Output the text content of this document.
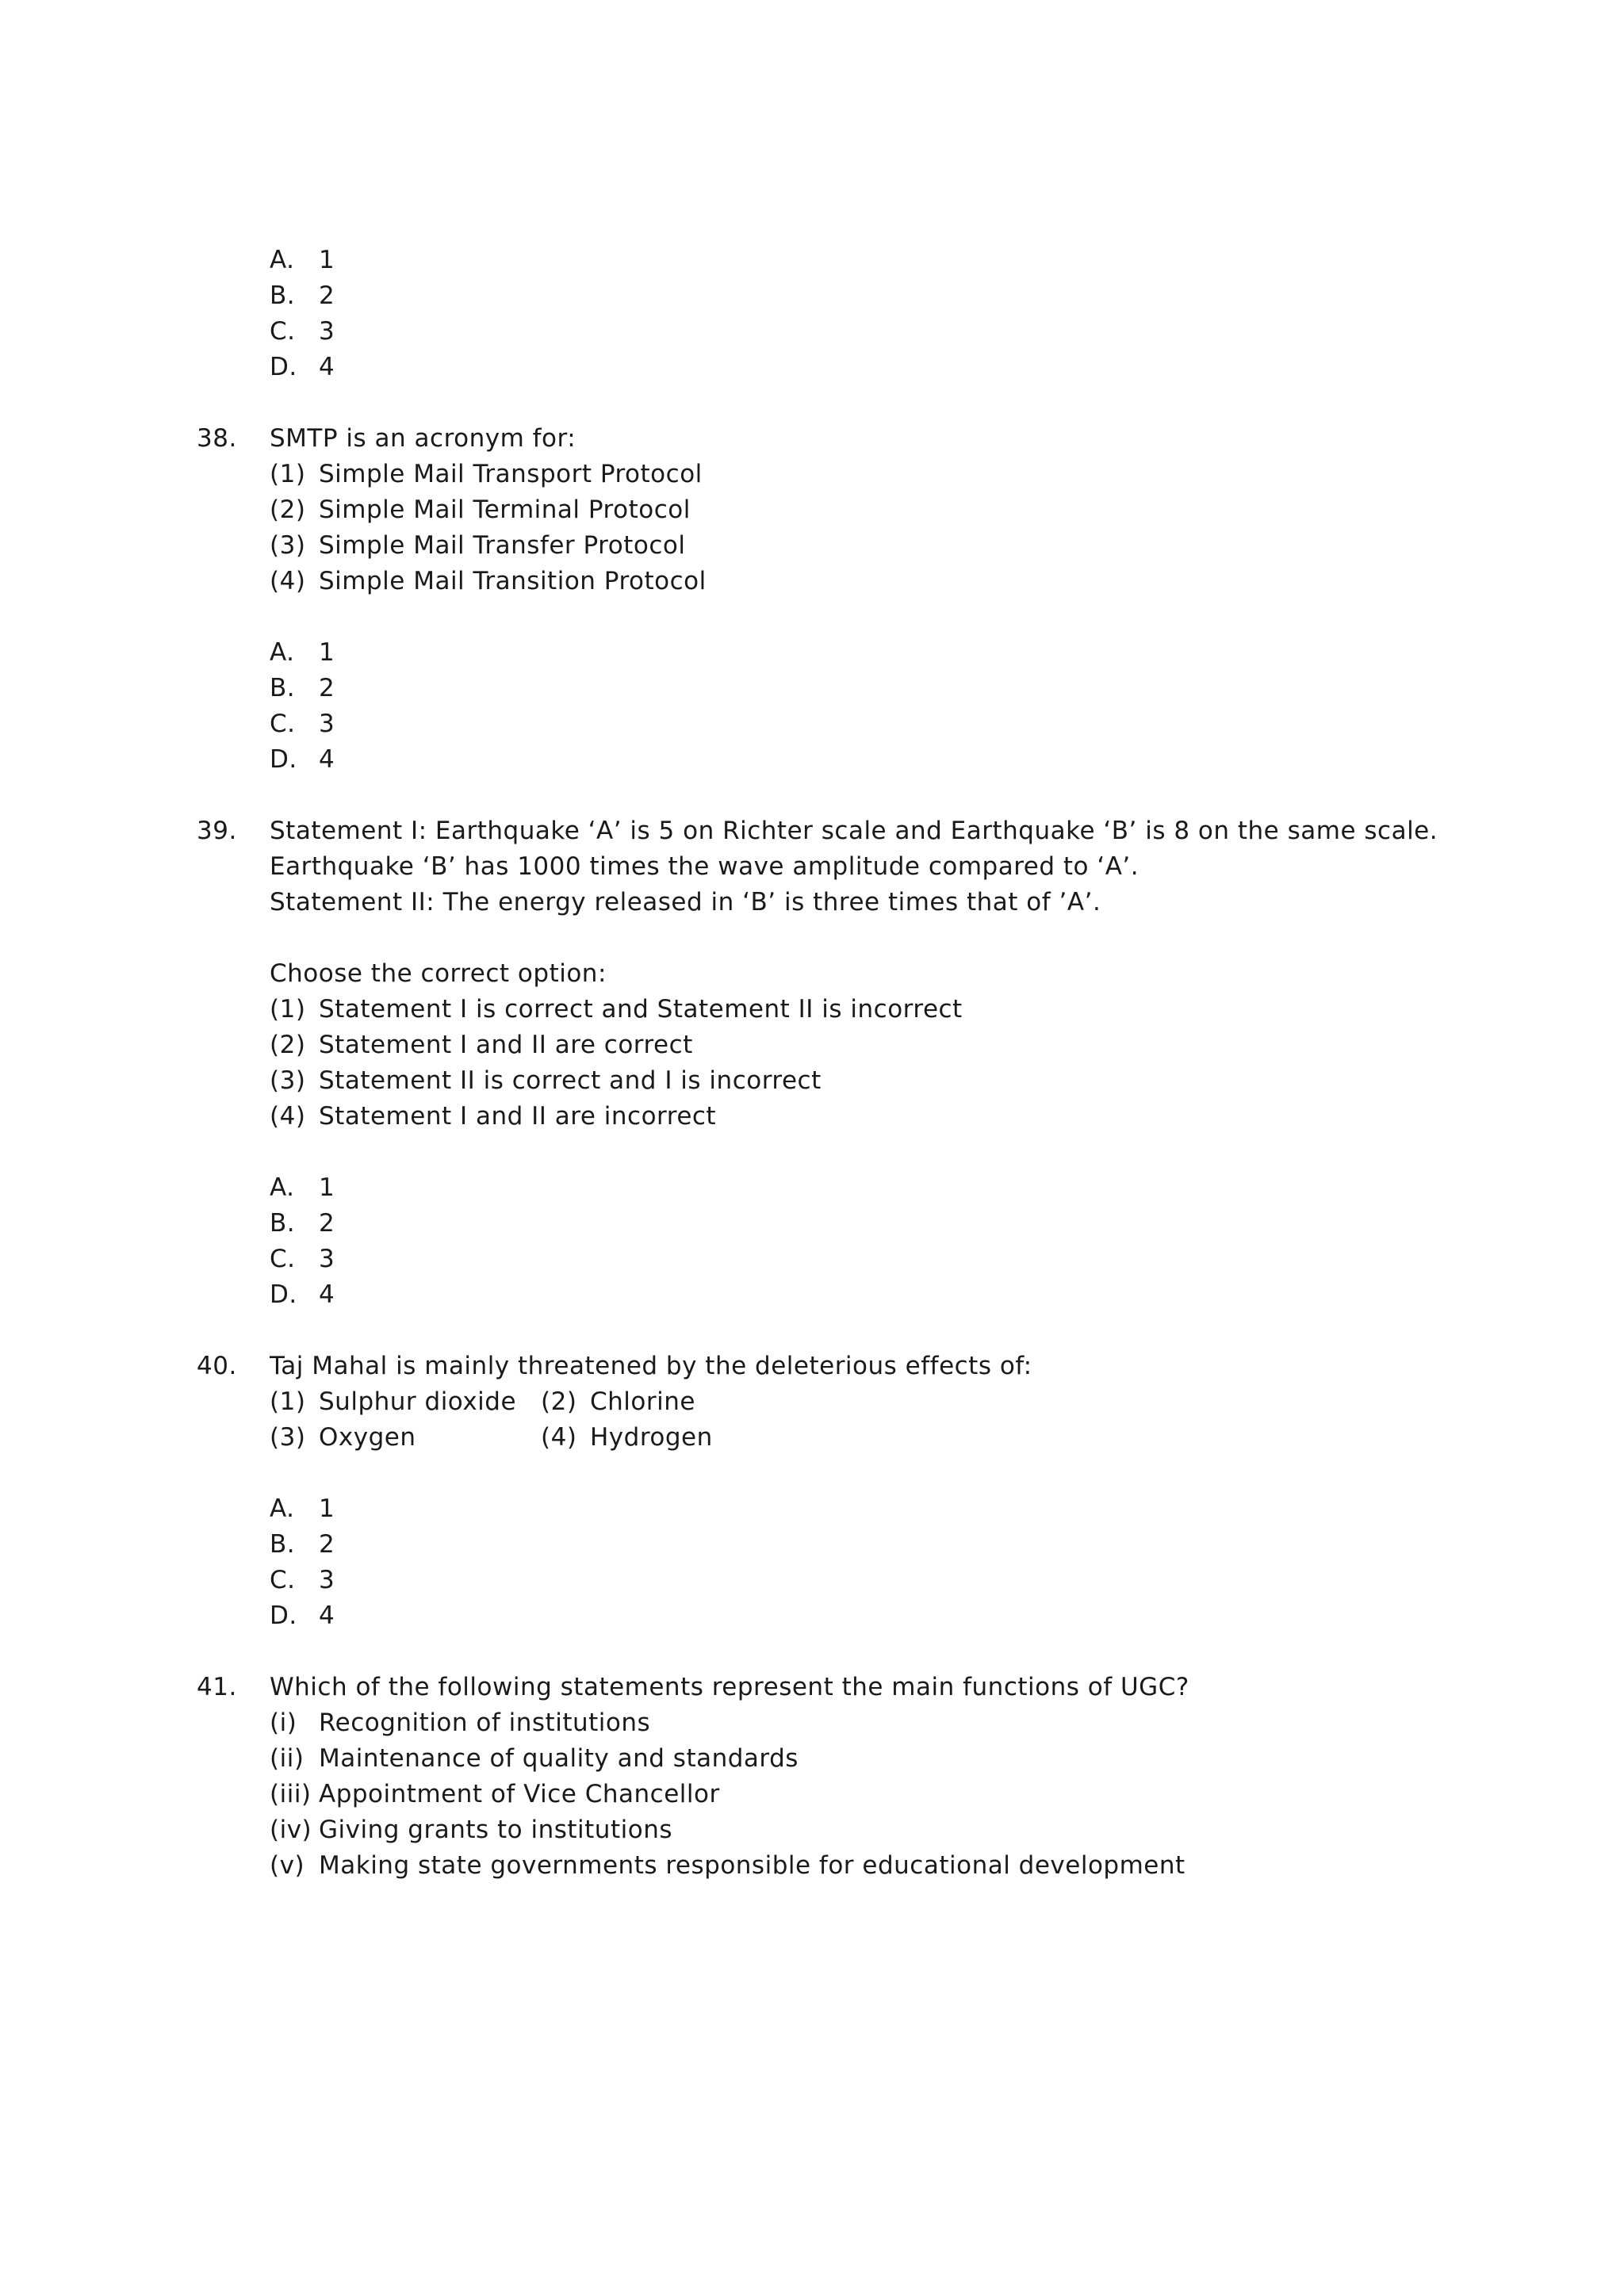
A. 1
B. 2
C. 3
D. 4
38.	SMTP is an acronym for:
(1) Simple Mail Transport Protocol
(2) Simple Mail Terminal Protocol
(3) Simple Mail Transfer Protocol
(4) Simple Mail Transition Protocol
A. 1
B. 2
C. 3
D. 4
39.	Statement I: Earthquake ‘A’ is 5 on Richter scale and Earthquake ‘B’ is 8 on the same scale.
Earthquake ‘B’ has 1000 times the wave amplitude compared to ‘A’.
Statement II: The energy released in ‘B’ is three times that of ’A’.
Choose the correct option:
(1) Statement I is correct and Statement II is incorrect
(2) Statement I and II are correct
(3) Statement II is correct and I is incorrect
(4) Statement I and II are incorrect
A. 1
B. 2
C. 3
D. 4
40.	Taj Mahal is mainly threatened by the deleterious effects of:
(1) Sulphur dioxide (2) Chlorine
(3) Oxygen	(4) Hydrogen
A. 1
B. 2
C. 3
D. 4
41.	Which of the following statements represent the main functions of UGC?
(i) Recognition of institutions
(ii) Maintenance of quality and standards
(iii) Appointment of Vice Chancellor
(iv) Giving grants to institutions
(v) Making state governments responsible for educational development
